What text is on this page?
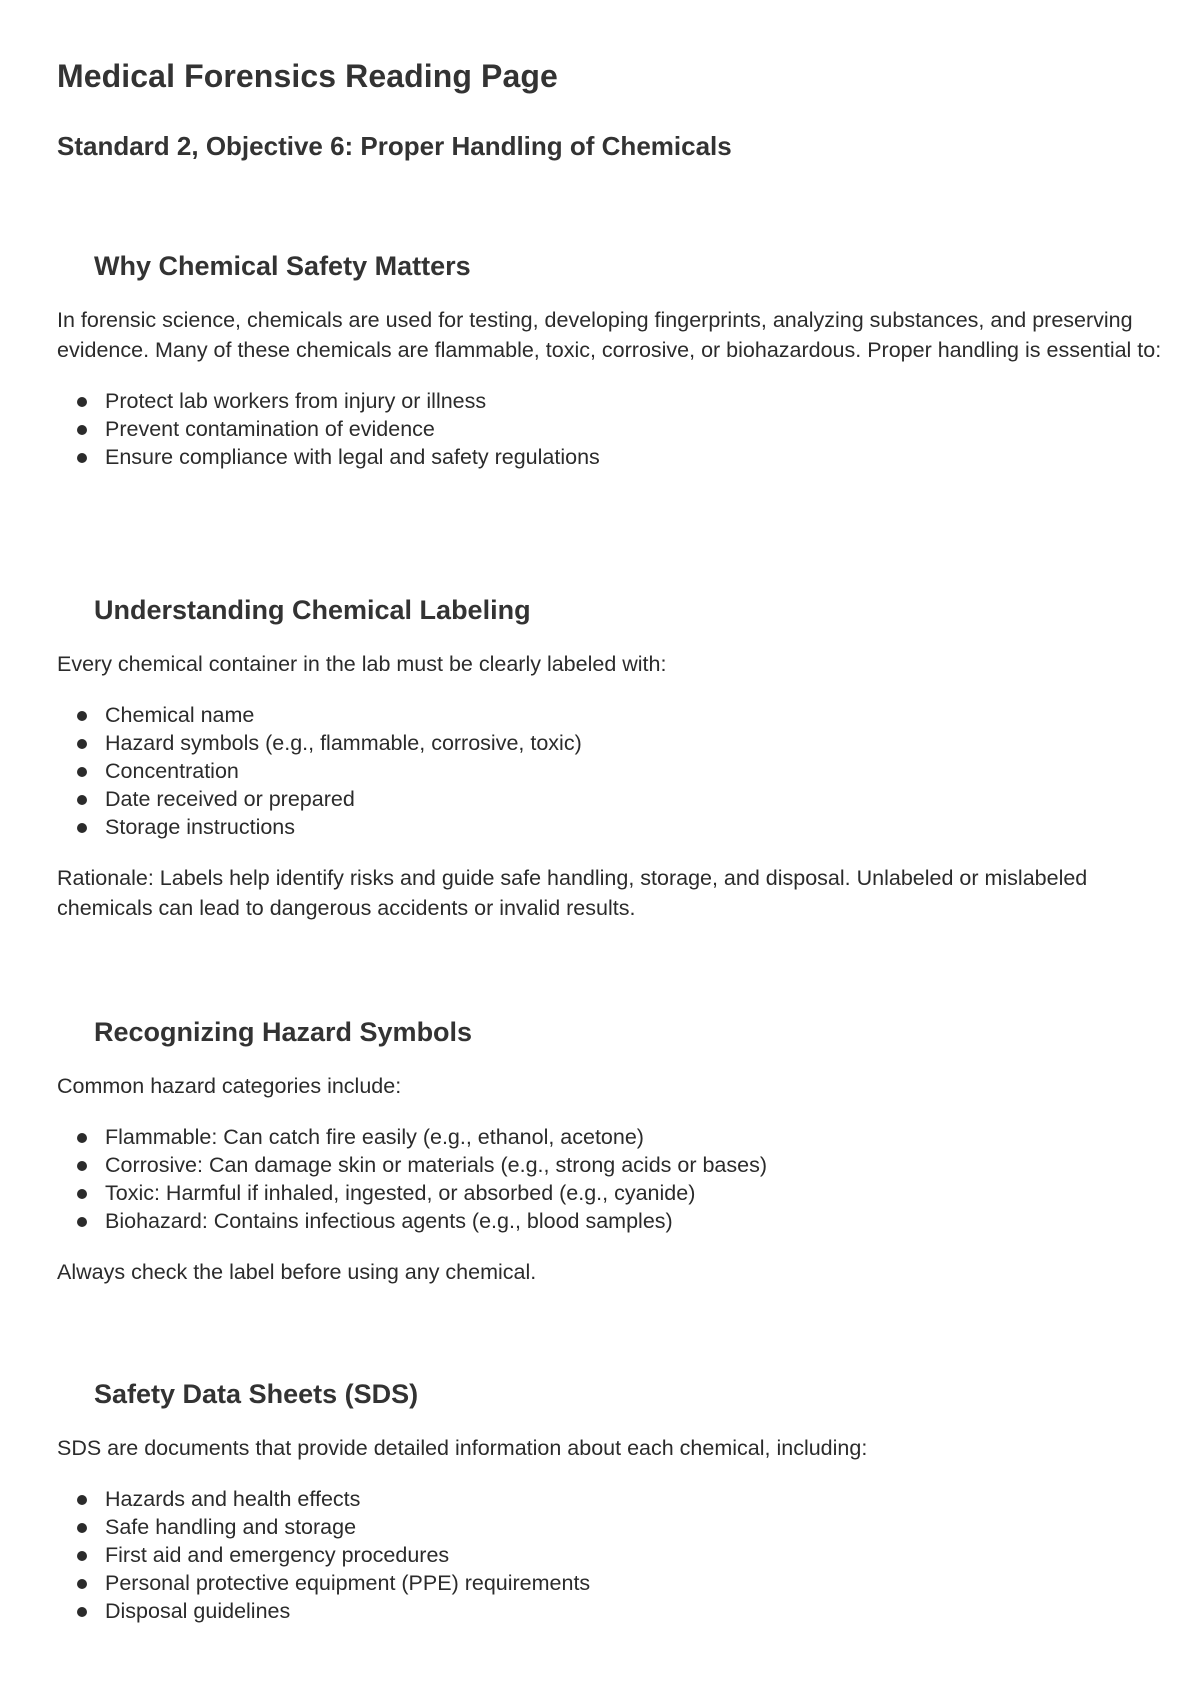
Medical Forensics Reading Page
Standard 2, Objective 6: Proper Handling of Chemicals
Why Chemical Safety Matters

In forensic science, chemicals are used for testing, developing fingerprints, analyzing substances, and preserving evidence. Many of these chemicals are flammable, toxic, corrosive, or biohazardous. Proper handling is essential to:

Protect lab workers from injury or illness
Prevent contamination of evidence
Ensure compliance with legal and safety regulations
Understanding Chemical Labeling

Every chemical container in the lab must be clearly labeled with:

Chemical name
Hazard symbols (e.g., flammable, corrosive, toxic)
Concentration
Date received or prepared
Storage instructions

Rationale: Labels help identify risks and guide safe handling, storage, and disposal. Unlabeled or mislabeled chemicals can lead to dangerous accidents or invalid results.

Recognizing Hazard Symbols

Common hazard categories include:

Flammable: Can catch fire easily (e.g., ethanol, acetone)
Corrosive: Can damage skin or materials (e.g., strong acids or bases)
Toxic: Harmful if inhaled, ingested, or absorbed (e.g., cyanide)
Biohazard: Contains infectious agents (e.g., blood samples)

Always check the label before using any chemical.

Safety Data Sheets (SDS)

SDS are documents that provide detailed information about each chemical, including:

Hazards and health effects
Safe handling and storage
First aid and emergency procedures
Personal protective equipment (PPE) requirements
Disposal guidelines
